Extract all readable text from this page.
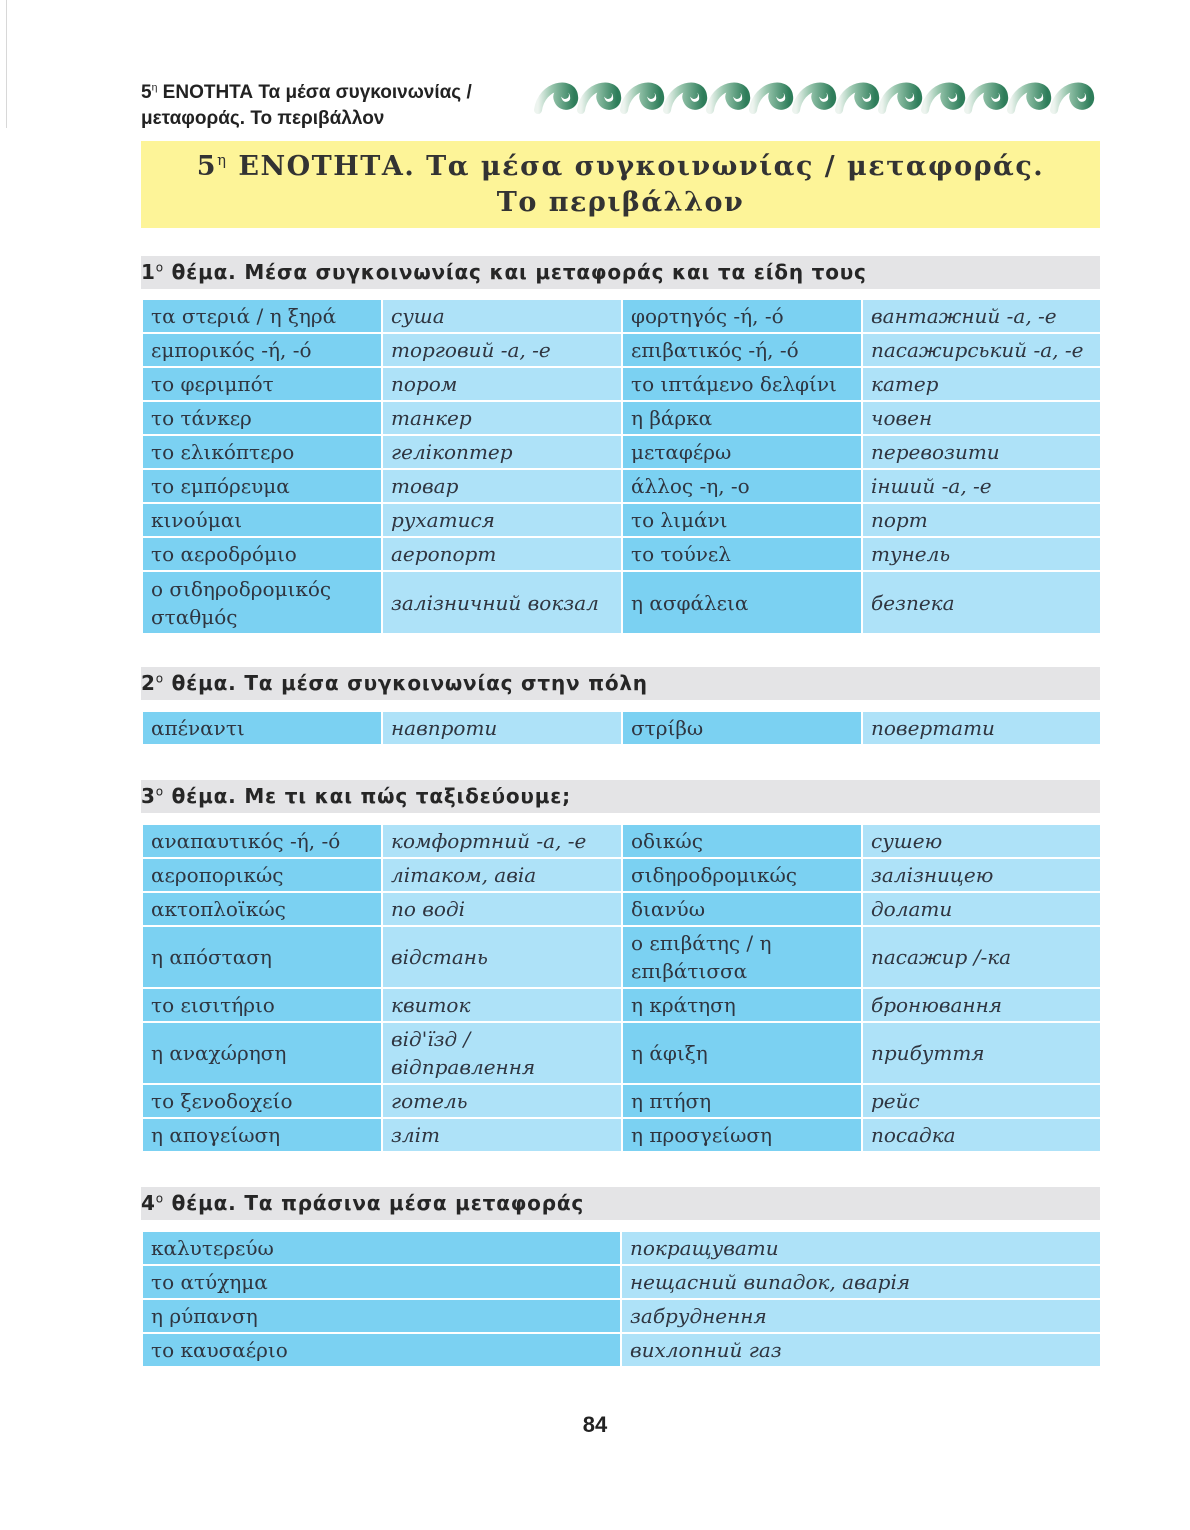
$5^\eta$ ΕΝΟΤΗΤΑ Τα μέσα συγκοινωνίας / μεταφοράς. Το περιβάλλον
$5^\eta$ ΕΝΟΤΗΤΑ. Τα μέσα συγκοινωνίας / μεταφοράς.
Το περιβάλλον
$1^o$ θέμα. Μέσα συγκοινωνίας και μεταφοράς και τα είδη τους
τα στεριά / η ξηρά	суша	φορτηγός -ή, -ό	вантажний -а, -е
εμπορικός -ή, -ό	торговий -а, -е	επιβατικός -ή, -ό	пасажирський -а, -е
το φεριμπότ	пором	το ιπτάμενο δελφίνι	катер
το τάνκερ	танкер	η βάρκα	човен
το ελικόπτερο	гелікоптер	μεταφέρω	перевозити
το εμπόρευμα	товар	άλλος -η, -ο	інший -а, -е
κινούμαι	рухатися	το λιμάνι	порт
το αεροδρόμιο	аеропорт	το τούνελ	тунель
ο σιδηροδρομικός σταθμός	залізничний вокзал	η ασφάλεια	безпека
$2^o$ θέμα. Τα μέσα συγκοινωνίας στην πόλη
απέναντι	навпроти	στρίβω	повертати
$3^o$ θέμα. Με τι και πώς ταξιδεύουμε;
αναπαυτικός -ή, -ό	комфортний -а, -е	οδικώς	сушею
αεροπορικώς	літаком, авіа	σιδηροδρομικώς	залізницею
ακτοπλοϊκώς	по воді	διανύω	долати
η απόσταση	відстань	ο επιβάτης / η επιβάτισσα	пасажир /-ка
το εισιτήριο	квиток	η κράτηση	бронювання
η αναχώρηση	від'їзд / відправлення	η άφιξη	прибуття
το ξενοδοχείο	готель	η πτήση	рейс
η απογείωση	зліт	η προσγείωση	посадка
$4^o$ θέμα. Τα πράσινα μέσα μεταφοράς
καλυτερεύω	покращувати
το ατύχημα	нещасний випадок, аварія
η ρύπανση	забруднення
το καυσαέριο	вихлопний газ
84
